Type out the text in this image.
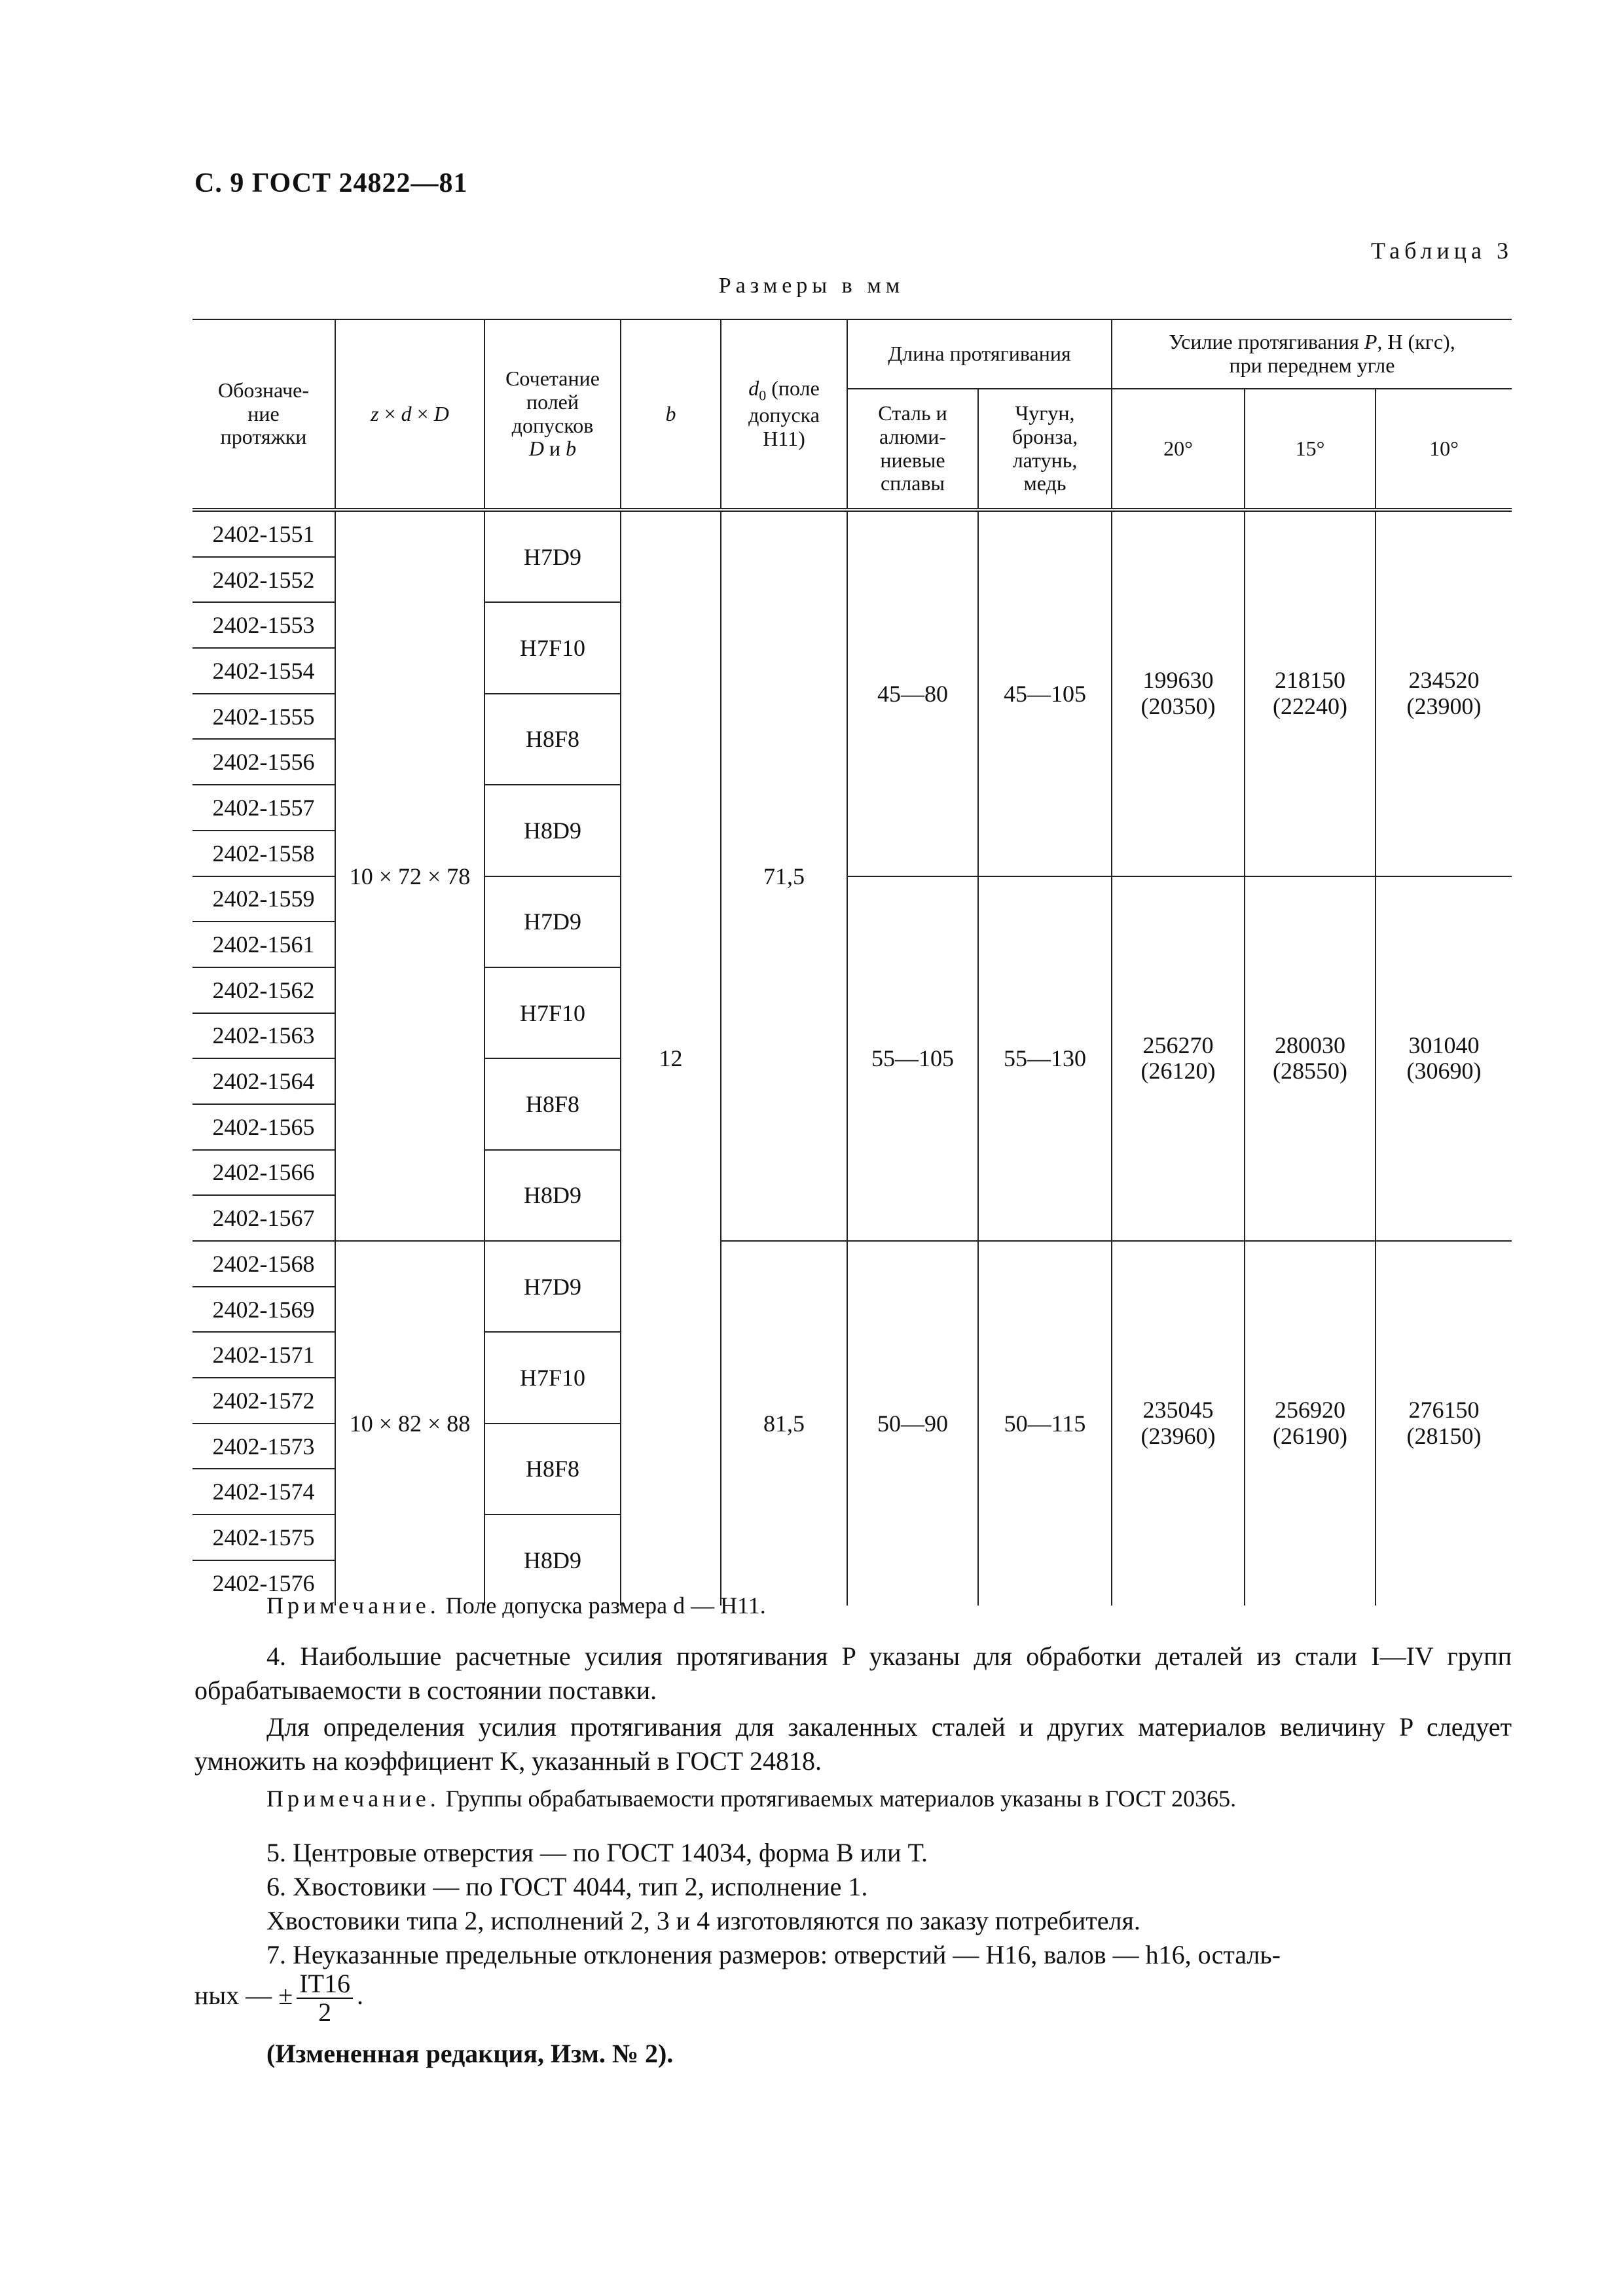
С. 9 ГОСТ 24822—81
Таблица 3
Размеры в мм
Обозначе-
ние
протяжки	z × d × D	Сочетание
полей
допусков
D и b	b	$d_0$ (поле
допуска
H11)	Длина протягивания		Усилие протягивания P, Н (кгс),
при переднем угле		
					Сталь и
алюми-
ниевые
сплавы	Чугун,
бронза,
латунь,
медь	20°	15°	10°
2402-1551	10 × 72 × 78	H7D9	12	71,5	45—80	45—105	199630
(20350)	218150
(22240)	234520
(23900)
2402-1552									
2402-1553		H7F10							
2402-1554									
2402-1555		H8F8							
2402-1556									
2402-1557		H8D9							
2402-1558									
2402-1559		H7D9			55—105	55—130	256270
(26120)	280030
(28550)	301040
(30690)
2402-1561									
2402-1562		H7F10							
2402-1563									
2402-1564		H8F8							
2402-1565									
2402-1566		H8D9							
2402-1567									
2402-1568	10 × 82 × 88	H7D9		81,5	50—90	50—115	235045
(23960)	256920
(26190)	276150
(28150)
2402-1569									
2402-1571		H7F10							
2402-1572									
2402-1573		H8F8							
2402-1574									
2402-1575		H8D9							
2402-1576									
Примечание. Поле допуска размера d — H11.
4. Наибольшие расчетные усилия протягивания P указаны для обработки деталей из стали I—IV групп обрабатываемости в состоянии поставки.
Для определения усилия протягивания для закаленных сталей и других материалов величину P следует умножить на коэффициент K, указанный в ГОСТ 24818.
Примечание. Группы обрабатываемости протягиваемых материалов указаны в ГОСТ 20365.
5. Центровые отверстия — по ГОСТ 14034, форма В или Т.
6. Хвостовики — по ГОСТ 4044, тип 2, исполнение 1.
Хвостовики типа 2, исполнений 2, 3 и 4 изготовляются по заказу потребителя.
7. Неуказанные предельные отклонения размеров: отверстий — H16, валов — h16, осталь-
ных — ± $\frac{IT16}{2}$ .
(Измененная редакция, Изм. № 2).
